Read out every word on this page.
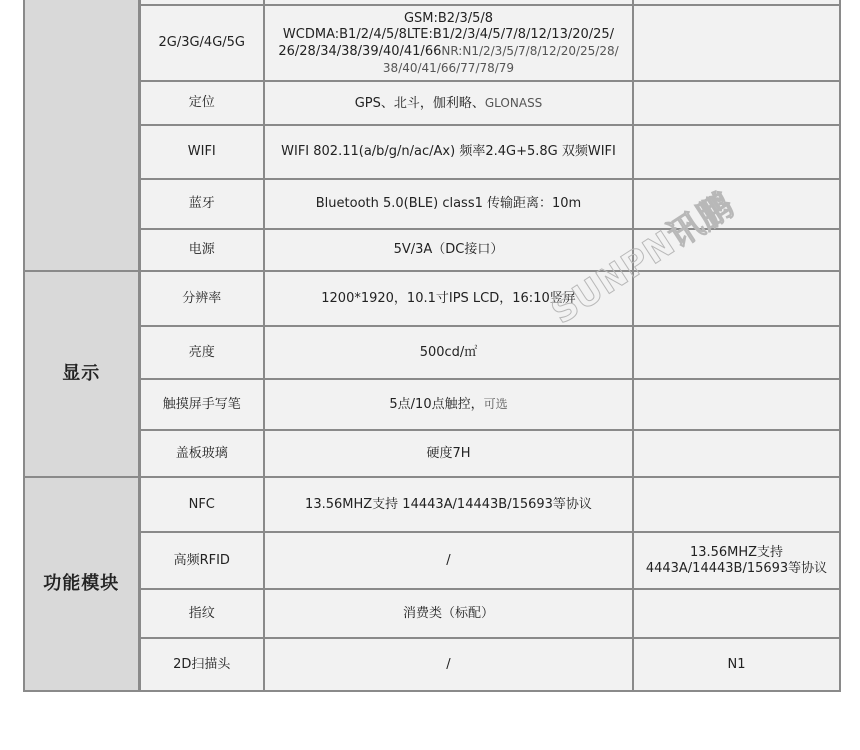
	2G/3G/4G/5G	GSM:B2/3/5/8
WCDMA:B1/2/4/5/8LTE:B1/2/3/4/5/7/8/12/13/20/25/
26/28/34/38/39/40/41/66NR:N1/2/3/5/7/8/12/20/25/28/
38/40/41/66/77/78/79	

	定位	GPS、北斗，伽利略、GLONASS	
	WIFI	WIFI 802.11(a/b/g/n/ac/Ax) 频率2.4G+5.8G 双频WIFI	
	蓝牙	Bluetooth 5.0(BLE) class1 传输距离：10m	
	电源	5V/3A（DC接口）	
显示	分辨率	1200*1920，10.1寸IPS LCD，16:10竖屏	
	亮度	500cd/㎡	
	触摸屏手写笔	5点/10点触控，可选	
	盖板玻璃	硬度7H	
功能模块	NFC	13.56MHZ支持 14443A/14443B/15693等协议	
	高频RFID	/	13.56MHZ支持
4443A/14443B/15693等协议

	指纹	消费类（标配）	
	2D扫描头	/	N1
